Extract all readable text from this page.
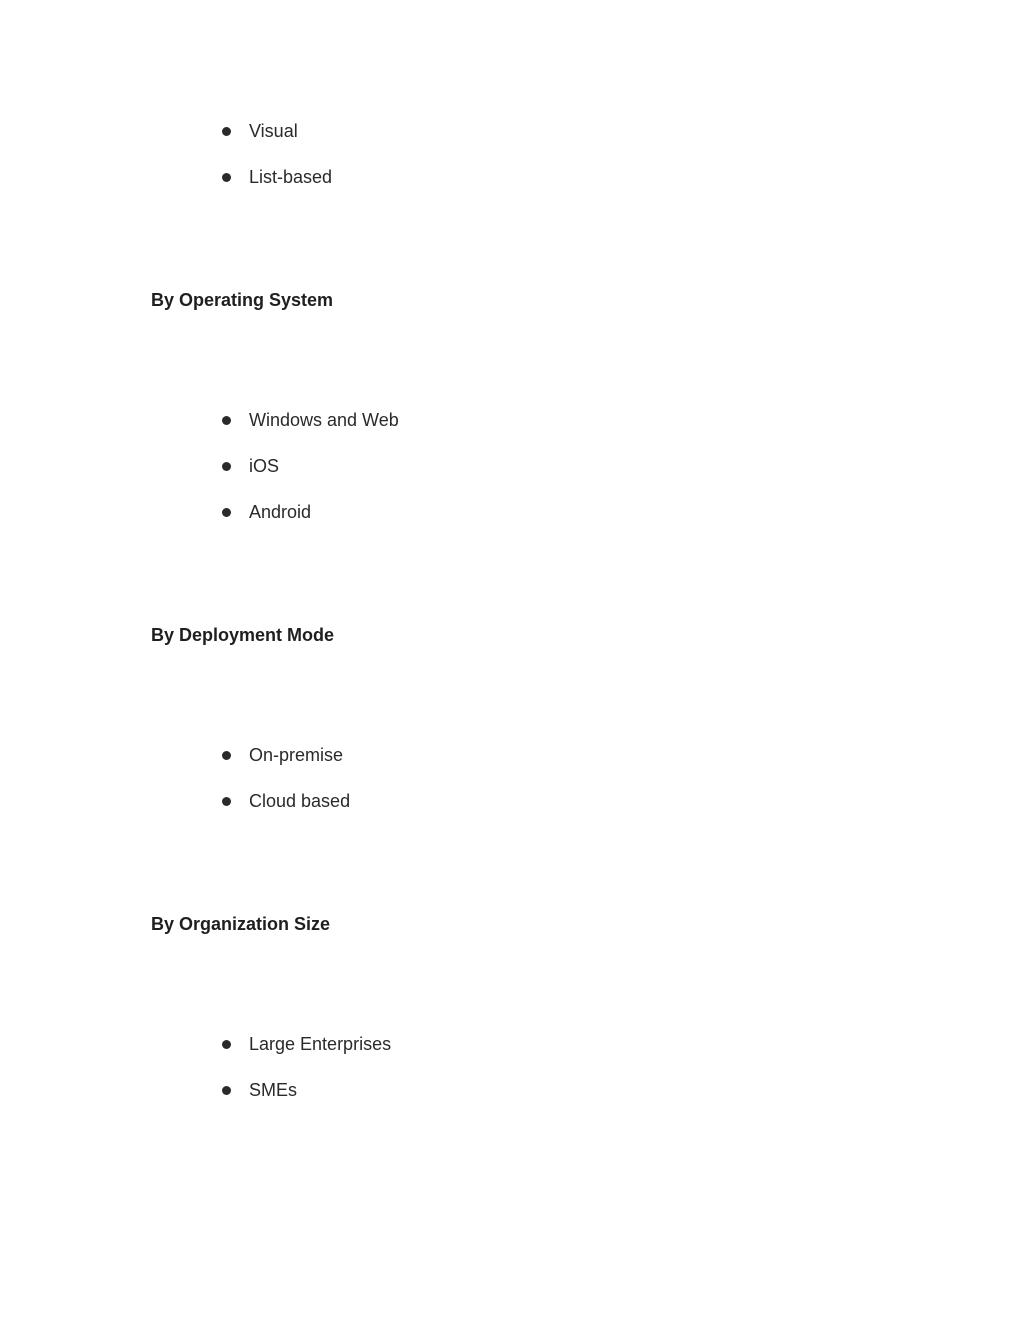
Visual
List-based
By Operating System
Windows and Web
iOS
Android
By Deployment Mode
On-premise
Cloud based
By Organization Size
Large Enterprises
SMEs
